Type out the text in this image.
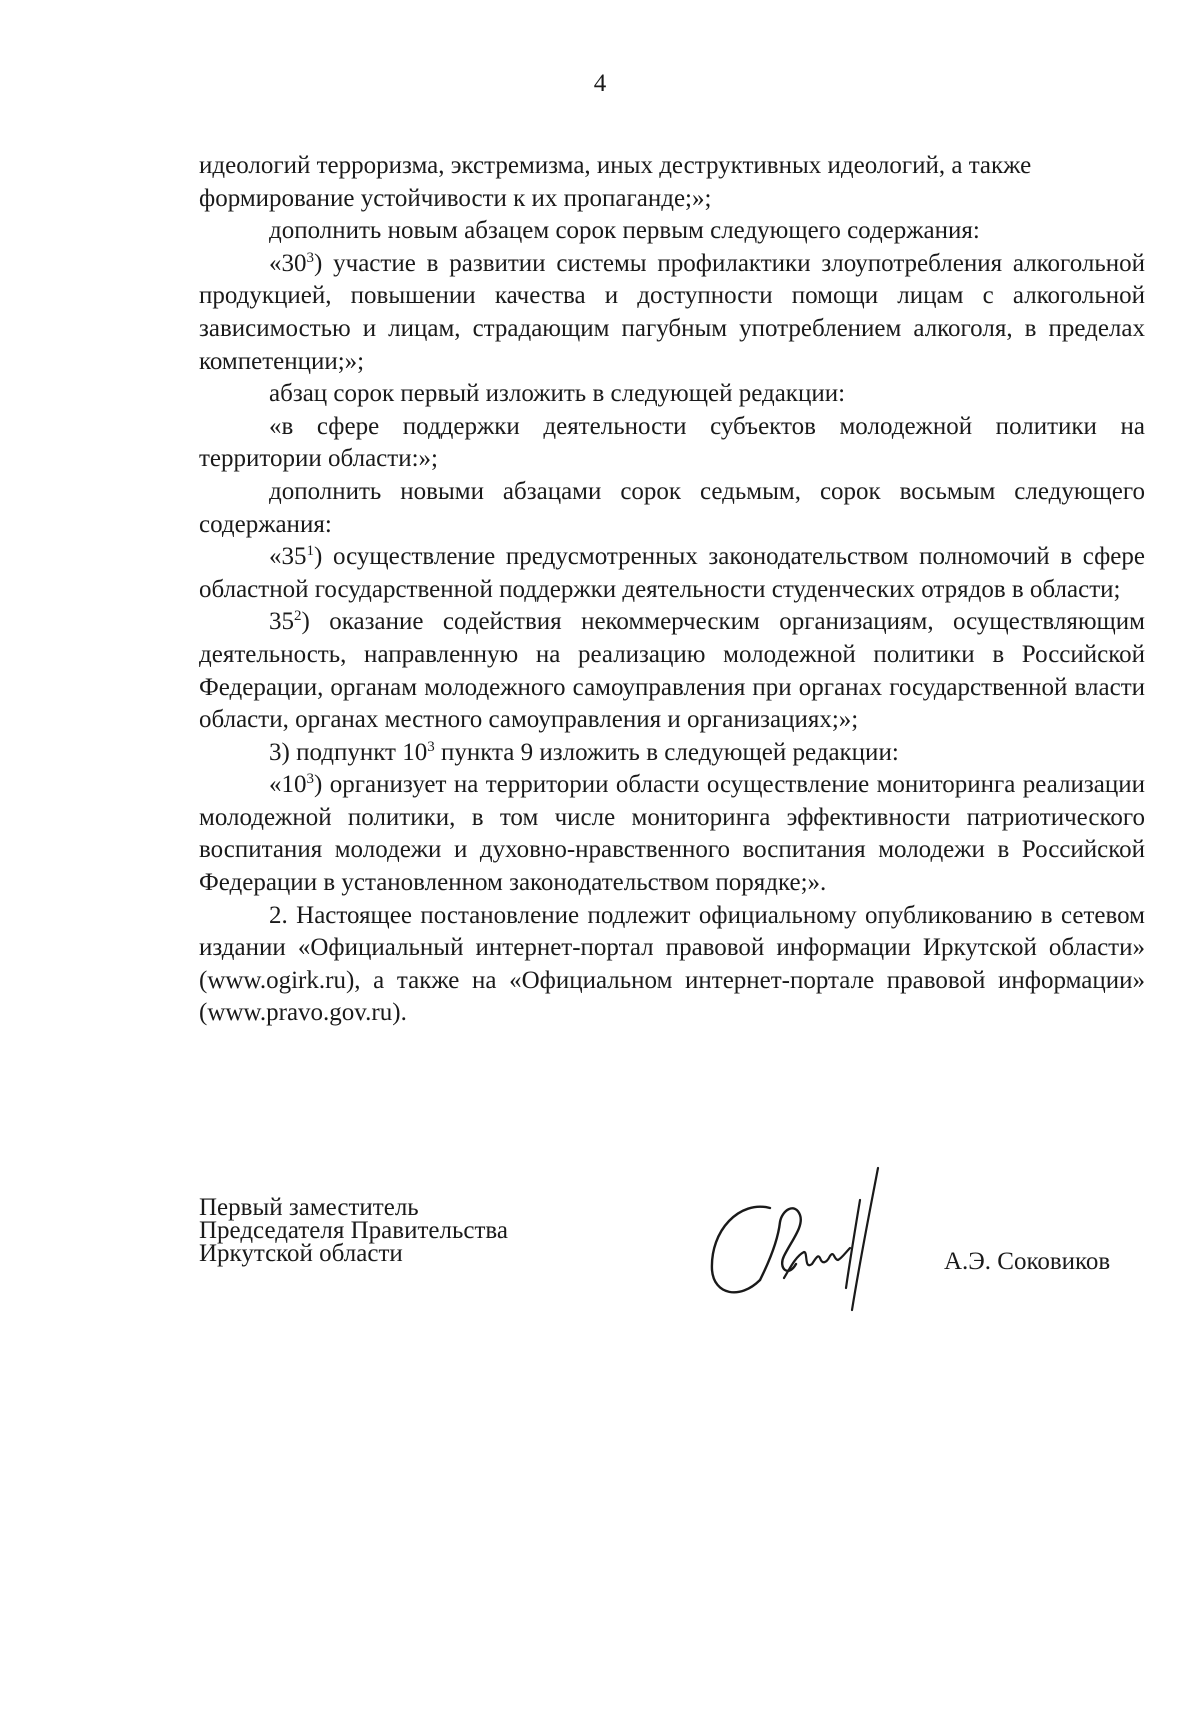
4

идеологий терроризма, экстремизма, иных деструктивных идеологий, а также
формирование устойчивости к их пропаганде;»;

дополнить новым абзацем сорок первым следующего содержания:

«$30^3$) участие в развитии системы профилактики злоупотребления алкогольной продукцией, повышении качества и доступности помощи лицам с алкогольной зависимостью и лицам, страдающим пагубным употреблением алкоголя, в пределах компетенции;»;

абзац сорок первый изложить в следующей редакции:

«в сфере поддержки деятельности субъектов молодежной политики на территории области:»;

дополнить новыми абзацами сорок седьмым, сорок восьмым следующего содержания:

«$35^1$) осуществление предусмотренных законодательством полномочий в сфере областной государственной поддержки деятельности студенческих отрядов в области;

$35^2$) оказание содействия некоммерческим организациям, осуществляющим деятельность, направленную на реализацию молодежной политики в Российской Федерации, органам молодежного самоуправления при органах государственной власти области, органах местного самоуправления и организациях;»;

3) подпункт $10^3$ пункта 9 изложить в следующей редакции:

«$10^3$) организует на территории области осуществление мониторинга реализации молодежной политики, в том числе мониторинга эффективности патриотического воспитания молодежи и духовно-нравственного воспитания молодежи в Российской Федерации в установленном законодательством порядке;».

2. Настоящее постановление подлежит официальному опубликованию в сетевом издании «Официальный интернет-портал правовой информации Иркутской области» (www.ogirk.ru), а также на «Официальном интернет-портале правовой информации» (www.pravo.gov.ru).

Первый заместитель
Председателя Правительства
Иркутской области	А.Э. Соковиков
